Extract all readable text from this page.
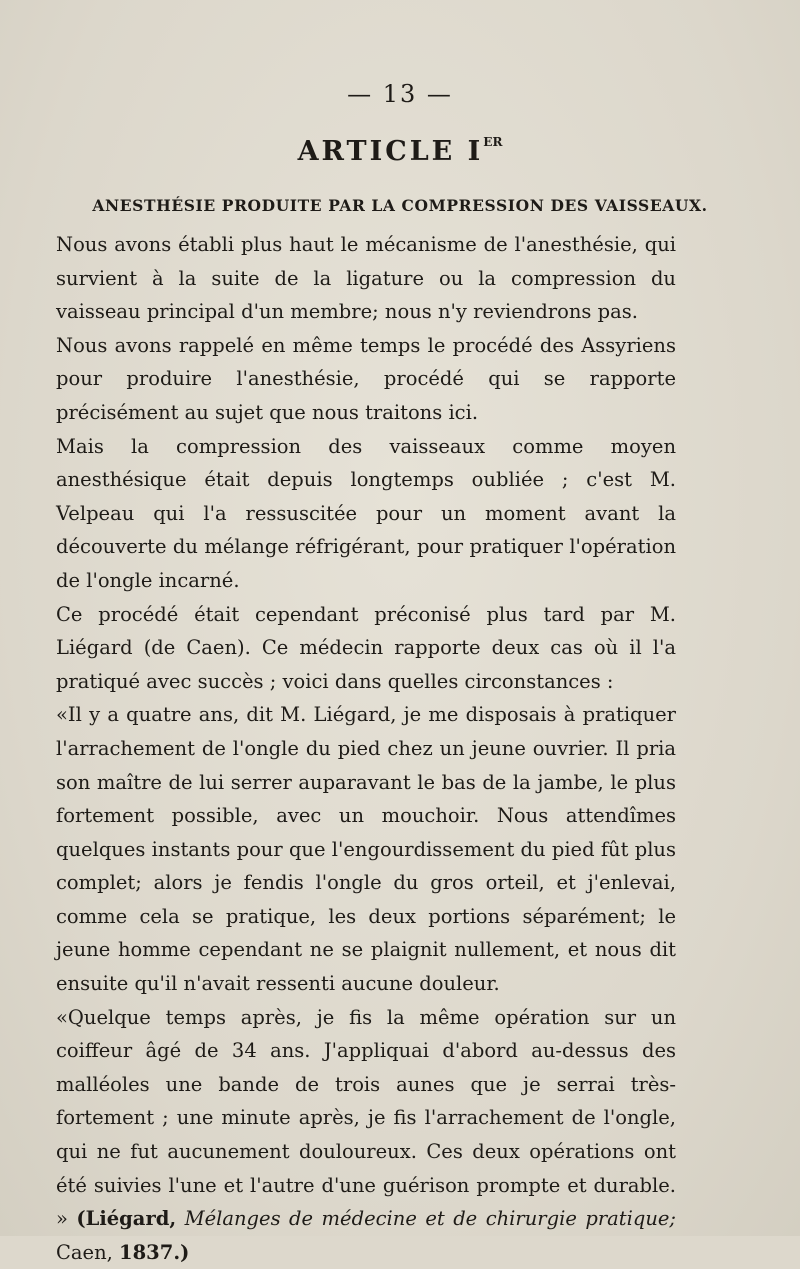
— 13 —
ARTICLE IER
ANESTHÉSIE PRODUITE PAR LA COMPRESSION DES VAISSEAUX.

Nous avons établi plus haut le mécanisme de l'anesthésie, qui survient à la suite de la ligature ou la compression du vaisseau principal d'un membre; nous n'y reviendrons pas.

Nous avons rappelé en même temps le procédé des Assyriens pour produire l'anesthésie, procédé qui se rapporte précisément au sujet que nous traitons ici.

Mais la compression des vaisseaux comme moyen anesthésique était depuis longtemps oubliée ; c'est M. Velpeau qui l'a ressuscitée pour un moment avant la découverte du mélange réfrigérant, pour pratiquer l'opération de l'ongle incarné.

Ce procédé était cependant préconisé plus tard par M. Liégard (de Caen). Ce médecin rapporte deux cas où il l'a pratiqué avec succès ; voici dans quelles circonstances :

«Il y a quatre ans, dit M. Liégard, je me disposais à pratiquer l'arrachement de l'ongle du pied chez un jeune ouvrier. Il pria son maître de lui serrer auparavant le bas de la jambe, le plus fortement possible, avec un mouchoir. Nous attendîmes quelques instants pour que l'engourdissement du pied fût plus complet; alors je fendis l'ongle du gros orteil, et j'enlevai, comme cela se pratique, les deux portions séparément; le jeune homme cependant ne se plaignit nullement, et nous dit ensuite qu'il n'avait ressenti aucune douleur.

«Quelque temps après, je fis la même opération sur un coiffeur âgé de 34 ans. J'appliquai d'abord au-dessus des malléoles une bande de trois aunes que je serrai très-fortement ; une minute après, je fis l'arrachement de l'ongle, qui ne fut aucunement douloureux. Ces deux opérations ont été suivies l'une et l'autre d'une guérison prompte et durable. » (Liégard, Mélanges de médecine et de chirurgie pratique; Caen, 1837.)
